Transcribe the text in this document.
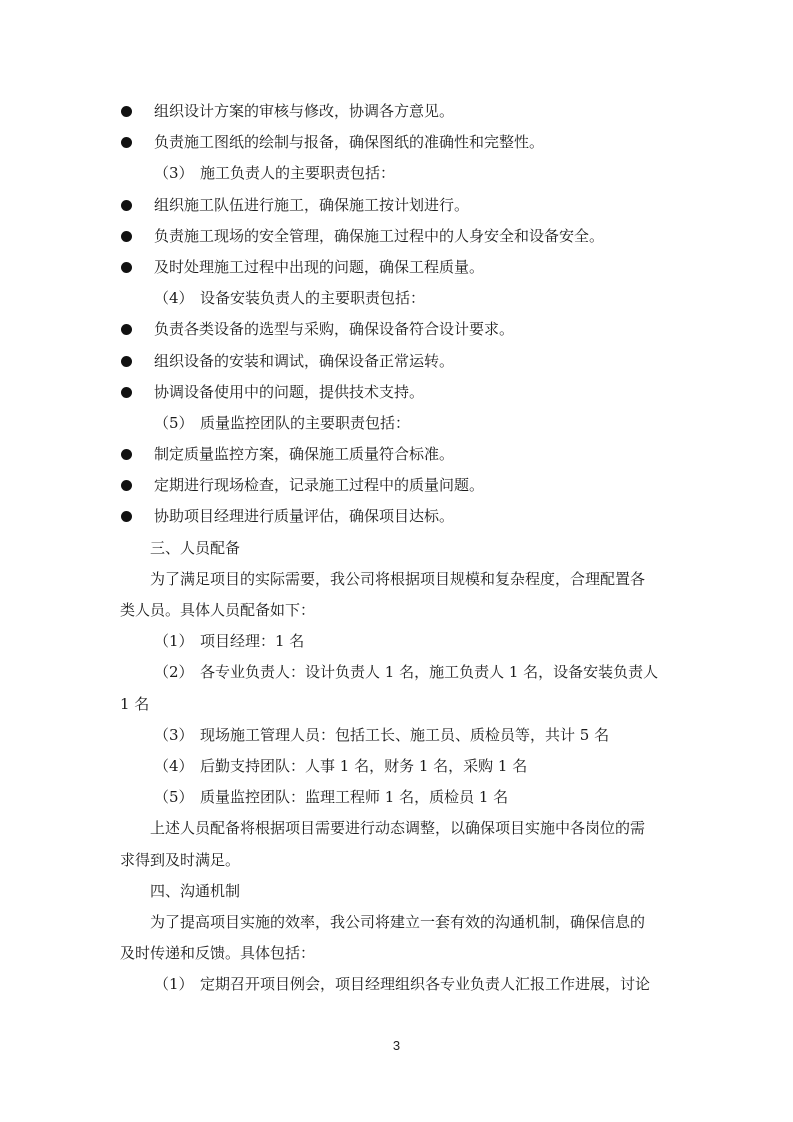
组织设计方案的审核与修改，协调各方意见。
负责施工图纸的绘制与报备，确保图纸的准确性和完整性。
（3） 施工负责人的主要职责包括：
组织施工队伍进行施工，确保施工按计划进行。
负责施工现场的安全管理，确保施工过程中的人身安全和设备安全。
及时处理施工过程中出现的问题，确保工程质量。
（4） 设备安装负责人的主要职责包括：
负责各类设备的选型与采购，确保设备符合设计要求。
组织设备的安装和调试，确保设备正常运转。
协调设备使用中的问题，提供技术支持。
（5） 质量监控团队的主要职责包括：
制定质量监控方案，确保施工质量符合标准。
定期进行现场检查，记录施工过程中的质量问题。
协助项目经理进行质量评估，确保项目达标。
三、人员配备
为了满足项目的实际需要，我公司将根据项目规模和复杂程度，合理配置各
类人员。具体人员配备如下：
（1） 项目经理：1 名
（2） 各专业负责人：设计负责人 1 名，施工负责人 1 名，设备安装负责人
1 名
（3） 现场施工管理人员：包括工长、施工员、质检员等，共计 5 名
（4） 后勤支持团队：人事 1 名，财务 1 名，采购 1 名
（5） 质量监控团队：监理工程师 1 名，质检员 1 名
上述人员配备将根据项目需要进行动态调整，以确保项目实施中各岗位的需
求得到及时满足。
四、沟通机制
为了提高项目实施的效率，我公司将建立一套有效的沟通机制，确保信息的
及时传递和反馈。具体包括：
（1） 定期召开项目例会，项目经理组织各专业负责人汇报工作进展，讨论
3
